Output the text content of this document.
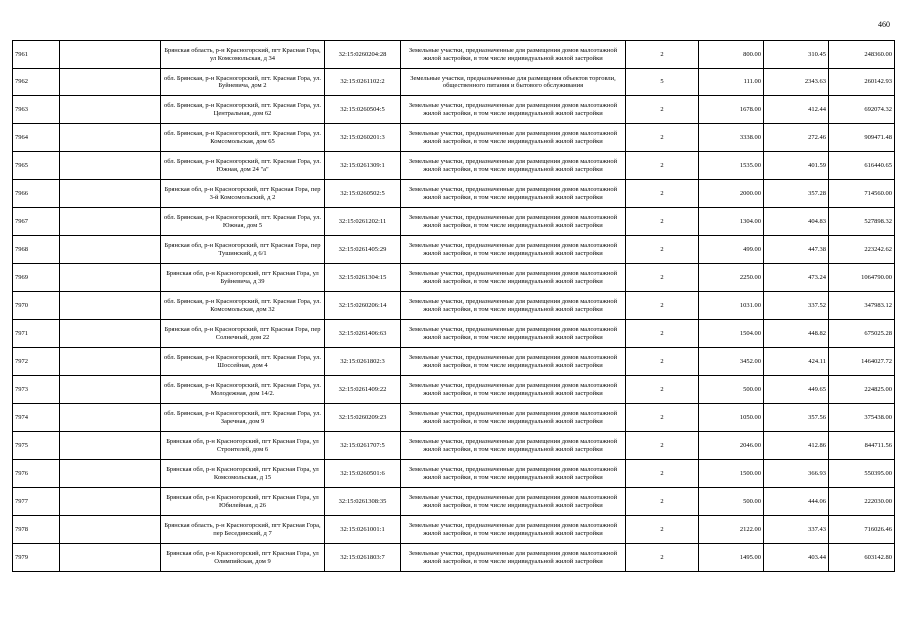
460
7961		Брянская область, р-н Красногорский, пгт Красная Гора, ул Комсомольская, д 34	32:15:0260204:28	Земельные участки, предназначенные для размещения домов малоэтажной жилой застройки, в том числе индивидуальной жилой застройки	2	800.00	310.45	248360.00
7962		обл. Брянская, р-н Красногорский, пгт. Красная Гора, ул. Буйневича, дом 2	32:15:0261102:2	Земельные участки, предназначенные для размещения объектов торговли, общественного питания и бытового обслуживания	5	111.00	2343.63	260142.93
7963		обл. Брянская, р-н Красногорский, пгт. Красная Гора, ул. Центральная, дом 62	32:15:0260504:5	Земельные участки, предназначенные для размещения домов малоэтажной жилой застройки, в том числе индивидуальной жилой застройки	2	1678.00	412.44	692074.32
7964		обл. Брянская, р-н Красногорский, пгт. Красная Гора, ул. Комсомольская, дом 65	32:15:0260201:3	Земельные участки, предназначенные для размещения домов малоэтажной жилой застройки, в том числе индивидуальной жилой застройки	2	3338.00	272.46	909471.48
7965		обл. Брянская, р-н Красногорский, пгт. Красная Гора, ул. Южная, дом 24 "а"	32:15:0261309:1	Земельные участки, предназначенные для размещения домов малоэтажной жилой застройки, в том числе индивидуальной жилой застройки	2	1535.00	401.59	616440.65
7966		Брянская обл, р-н Красногорский, пгт Красная Гора, пер 3-й Комсомольский, д 2	32:15:0260502:5	Земельные участки, предназначенные для размещения домов малоэтажной жилой застройки, в том числе индивидуальной жилой застройки	2	2000.00	357.28	714560.00
7967		обл. Брянская, р-н Красногорский, пгт. Красная Гора, ул. Южная, дом 5	32:15:0261202:11	Земельные участки, предназначенные для размещения домов малоэтажной жилой застройки, в том числе индивидуальной жилой застройки	2	1304.00	404.83	527898.32
7968		Брянская обл, р-н Красногорский, пгт Красная Гора, пер Тушинский, д 6/1	32:15:0261405:29	Земельные участки, предназначенные для размещения домов малоэтажной жилой застройки, в том числе индивидуальной жилой застройки	2	499.00	447.38	223242.62
7969		Брянская обл, р-н Красногорский, пгт Красная Гора, ул Буйневича, д 39	32:15:0261304:15	Земельные участки, предназначенные для размещения домов малоэтажной жилой застройки, в том числе индивидуальной жилой застройки	2	2250.00	473.24	1064790.00
7970		обл. Брянская, р-н Красногорский, пгт. Красная Гора, ул. Комсомольская, дом 32	32:15:0260206:14	Земельные участки, предназначенные для размещения домов малоэтажной жилой застройки, в том числе индивидуальной жилой застройки	2	1031.00	337.52	347983.12
7971		Брянская обл, р-н Красногорский, пгт Красная Гора, пер Солнечный, дом 22	32:15:0261406:63	Земельные участки, предназначенные для размещения домов малоэтажной жилой застройки, в том числе индивидуальной жилой застройки	2	1504.00	448.82	675025.28
7972		обл. Брянская, р-н Красногорский, пгт. Красная Гора, ул. Шоссейная, дом 4	32:15:0261802:3	Земельные участки, предназначенные для размещения домов малоэтажной жилой застройки, в том числе индивидуальной жилой застройки	2	3452.00	424.11	1464027.72
7973		обл. Брянская, р-н Красногорский, пгт. Красная Гора, ул. Молодежная, дом 14/2.	32:15:0261409:22	Земельные участки, предназначенные для размещения домов малоэтажной жилой застройки, в том числе индивидуальной жилой застройки	2	500.00	449.65	224825.00
7974		обл. Брянская, р-н Красногорский, пгт. Красная Гора, ул. Заречная, дом 9	32:15:0260209:23	Земельные участки, предназначенные для размещения домов малоэтажной жилой застройки, в том числе индивидуальной жилой застройки	2	1050.00	357.56	375438.00
7975		Брянская обл, р-н Красногорский, пгт Красная Гора, ул Строителей, дом 6	32:15:0261707:5	Земельные участки, предназначенные для размещения домов малоэтажной жилой застройки, в том числе индивидуальной жилой застройки	2	2046.00	412.86	844711.56
7976		Брянская обл, р-н Красногорский, пгт Красная Гора, ул Комсомольская, д 15	32:15:0260501:6	Земельные участки, предназначенные для размещения домов малоэтажной жилой застройки, в том числе индивидуальной жилой застройки	2	1500.00	366.93	550395.00
7977		Брянская обл, р-н Красногорский, пгт Красная Гора, ул Юбилейная, д 26	32:15:0261308:35	Земельные участки, предназначенные для размещения домов малоэтажной жилой застройки, в том числе индивидуальной жилой застройки	2	500.00	444.06	222030.00
7978		Брянская область, р-н Красногорский, пгт Красная Гора, пер Бесединский, д 7	32:15:0261001:1	Земельные участки, предназначенные для размещения домов малоэтажной жилой застройки, в том числе индивидуальной жилой застройки	2	2122.00	337.43	716026.46
7979		Брянская обл, р-н Красногорский, пгт Красная Гора, ул Олимпийская, дом 9	32:15:0261803:7	Земельные участки, предназначенные для размещения домов малоэтажной жилой застройки, в том числе индивидуальной жилой застройки	2	1495.00	403.44	603142.80
